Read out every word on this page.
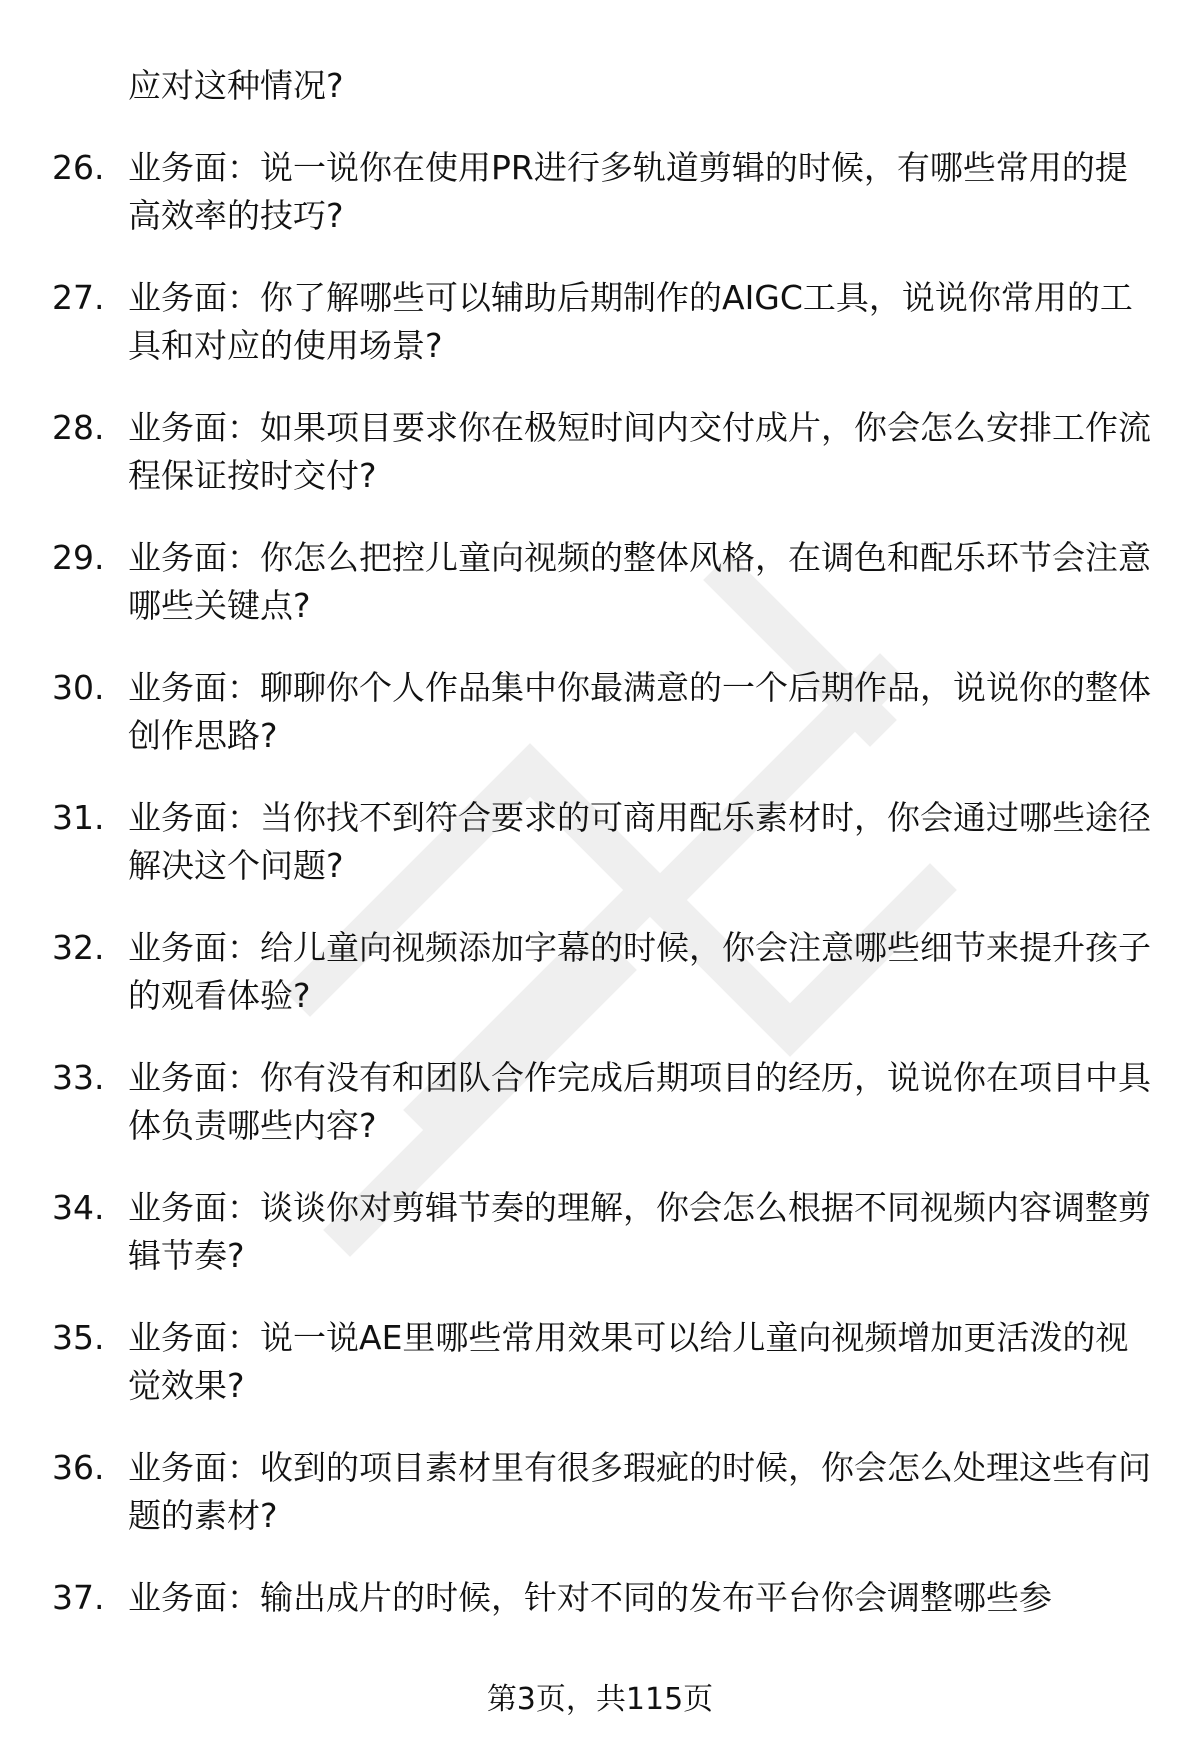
应对这种情况?
26. 业务面：说一说你在使用PR进行多轨道剪辑的时候，有哪些常用的提高效率的技巧?
27. 业务面：你了解哪些可以辅助后期制作的AIGC工具，说说你常用的工具和对应的使用场景?
28. 业务面：如果项目要求你在极短时间内交付成片，你会怎么安排工作流程保证按时交付?
29. 业务面：你怎么把控儿童向视频的整体风格，在调色和配乐环节会注意哪些关键点?
30. 业务面：聊聊你个人作品集中你最满意的一个后期作品，说说你的整体创作思路?
31. 业务面：当你找不到符合要求的可商用配乐素材时，你会通过哪些途径解决这个问题?
32. 业务面：给儿童向视频添加字幕的时候，你会注意哪些细节来提升孩子的观看体验?
33. 业务面：你有没有和团队合作完成后期项目的经历，说说你在项目中具体负责哪些内容?
34. 业务面：谈谈你对剪辑节奏的理解，你会怎么根据不同视频内容调整剪辑节奏?
35. 业务面：说一说AE里哪些常用效果可以给儿童向视频增加更活泼的视觉效果?
36. 业务面：收到的项目素材里有很多瑕疵的时候，你会怎么处理这些有问题的素材?
37. 业务面：输出成片的时候，针对不同的发布平台你会调整哪些参
第3页，共115页
